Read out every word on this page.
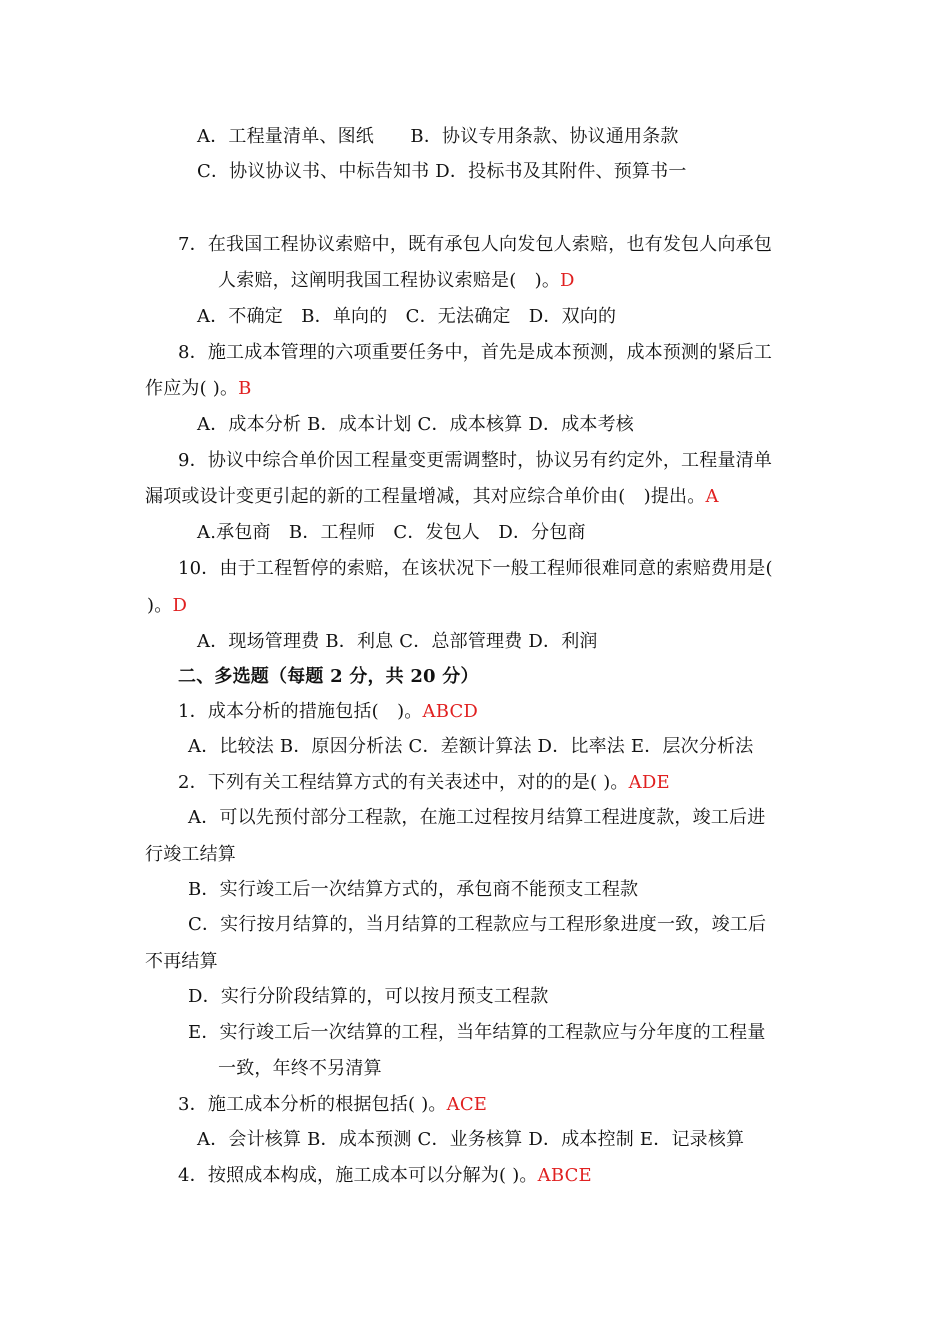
A．工程量清单、图纸　　B．协议专用条款、协议通用条款
C．协议协议书、中标告知书 D．投标书及其附件、预算书一
7．在我国工程协议索赔中，既有承包人向发包人索赔，也有发包人向承包
人索赔，这阐明我国工程协议索赔是(　)。D
A．不确定　B．单向的　C．无法确定　D．双向的
8．施工成本管理的六项重要任务中，首先是成本预测，成本预测的紧后工
作应为( )。B
A．成本分析 B．成本计划 C．成本核算 D．成本考核
9．协议中综合单价因工程量变更需调整时，协议另有约定外，工程量清单
漏项或设计变更引起的新的工程量增减，其对应综合单价由(　)提出。A
A.承包商　B．工程师　C．发包人　D．分包商
10．由于工程暂停的索赔，在该状况下一般工程师很难同意的索赔费用是(
)。D
A．现场管理费 B．利息 C．总部管理费 D．利润
二、多选题（每题 2 分，共 20 分）
1．成本分析的措施包括(　)。ABCD
A．比较法 B．原因分析法 C．差额计算法 D．比率法 E．层次分析法
2．下列有关工程结算方式的有关表述中，对的的是( )。ADE
A．可以先预付部分工程款，在施工过程按月结算工程进度款，竣工后进
行竣工结算
B．实行竣工后一次结算方式的，承包商不能预支工程款
C．实行按月结算的，当月结算的工程款应与工程形象进度一致，竣工后
不再结算
D．实行分阶段结算的，可以按月预支工程款
E．实行竣工后一次结算的工程，当年结算的工程款应与分年度的工程量
一致，年终不另清算
3．施工成本分析的根据包括( )。ACE
A．会计核算 B．成本预测 C．业务核算 D．成本控制 E．记录核算
4．按照成本构成，施工成本可以分解为( )。ABCE
